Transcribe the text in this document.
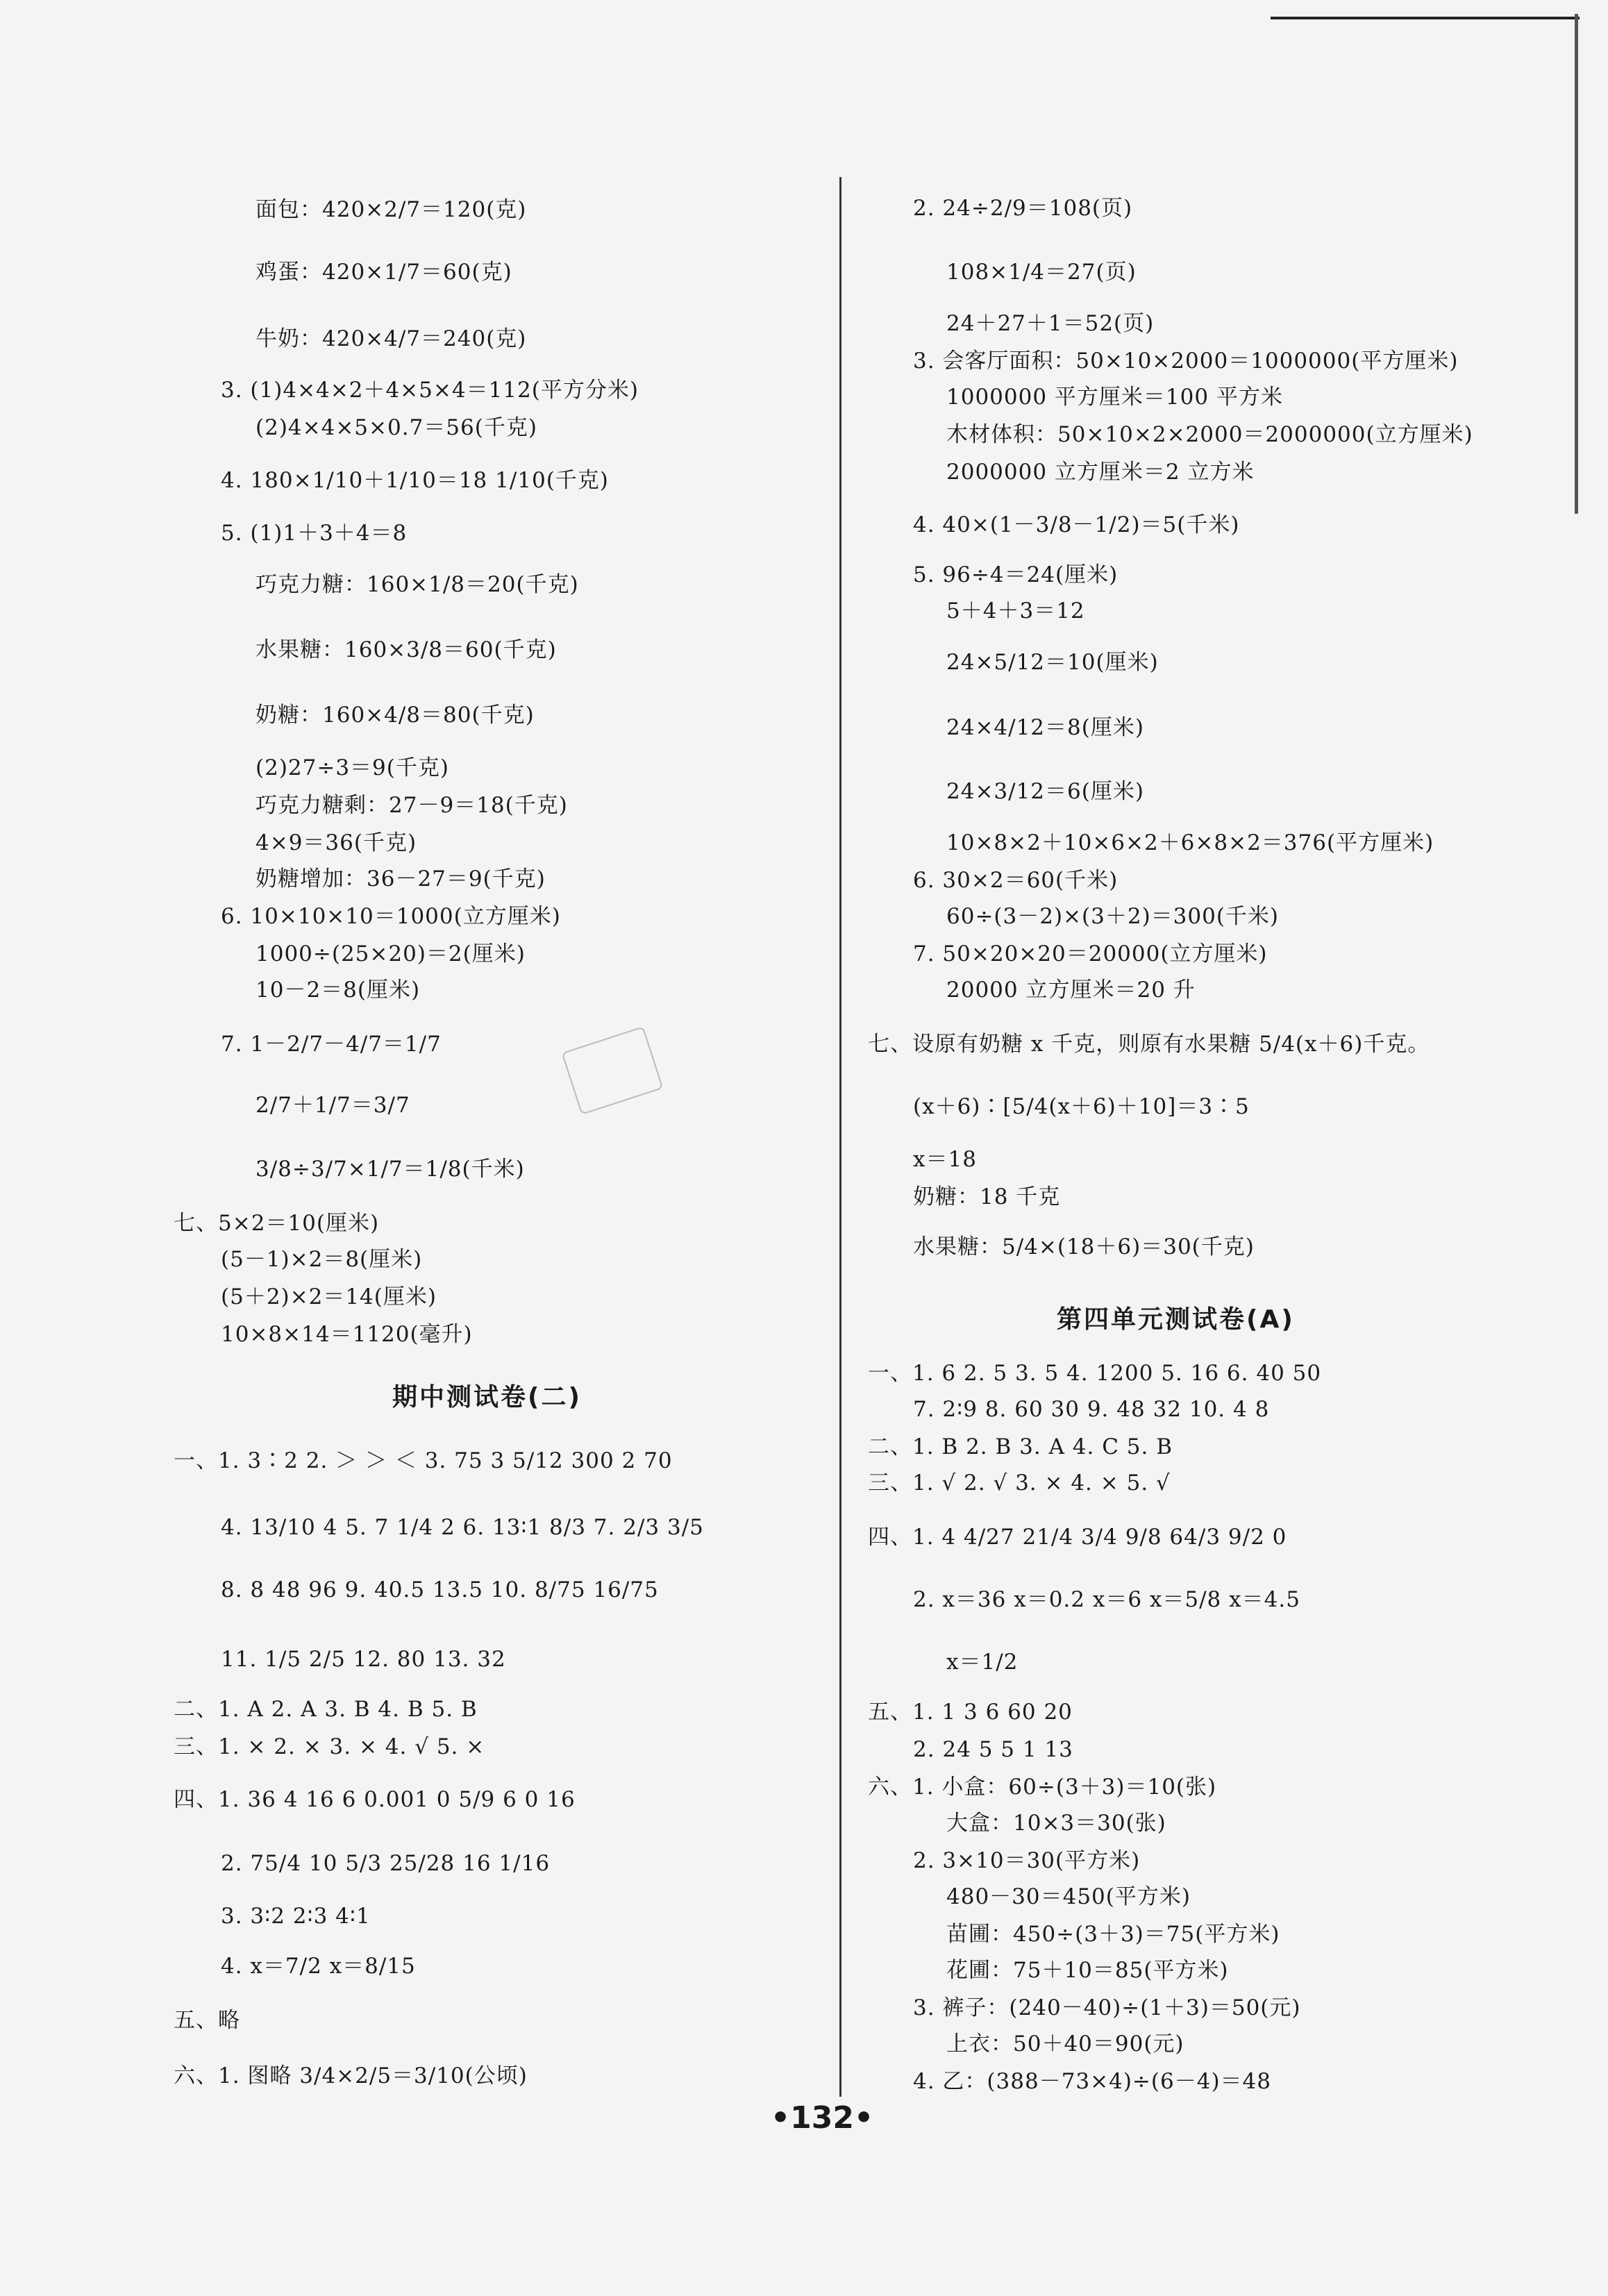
面包：420×2/7＝120(克)
鸡蛋：420×1/7＝60(克)
牛奶：420×4/7＝240(克)
3. (1)4×4×2＋4×5×4＝112(平方分米)
(2)4×4×5×0.7＝56(千克)
4. 180×1/10＋1/10＝18 1/10(千克)
5. (1)1＋3＋4＝8
巧克力糖：160×1/8＝20(千克)
水果糖：160×3/8＝60(千克)
奶糖：160×4/8＝80(千克)
(2)27÷3＝9(千克)
巧克力糖剩：27－9＝18(千克)
4×9＝36(千克)
奶糖增加：36－27＝9(千克)
6. 10×10×10＝1000(立方厘米)
1000÷(25×20)＝2(厘米)
10－2＝8(厘米)
7. 1－2/7－4/7＝1/7
2/7＋1/7＝3/7
3/8÷3/7×1/7＝1/8(千米)
七、5×2＝10(厘米)
(5－1)×2＝8(厘米)
(5＋2)×2＝14(厘米)
10×8×14＝1120(毫升)
期中测试卷(二)
一、1. 3∶2 2. ＞ ＞ ＜ 3. 75 3 5/12 300 2 70
4. 13/10 4 5. 7 1/4 2 6. 13∶1 8/3 7. 2/3 3/5
8. 8 48 96 9. 40.5 13.5 10. 8/75 16/75
11. 1/5 2/5 12. 80 13. 32
二、1. A 2. A 3. B 4. B 5. B
三、1. × 2. × 3. × 4. √ 5. ×
四、1. 36 4 16 6 0.001 0 5/9 6 0 16
2. 75/4 10 5/3 25/28 16 1/16
3. 3∶2 2∶3 4∶1
4. x＝7/2 x＝8/15
五、略
六、1. 图略 3/4×2/5＝3/10(公顷)
2. 24÷2/9＝108(页)
108×1/4＝27(页)
24＋27＋1＝52(页)
3. 会客厅面积：50×10×2000＝1000000(平方厘米)
1000000 平方厘米＝100 平方米
木材体积：50×10×2×2000＝2000000(立方厘米)
2000000 立方厘米＝2 立方米
4. 40×(1－3/8－1/2)＝5(千米)
5. 96÷4＝24(厘米)
5＋4＋3＝12
24×5/12＝10(厘米)
24×4/12＝8(厘米)
24×3/12＝6(厘米)
10×8×2＋10×6×2＋6×8×2＝376(平方厘米)
6. 30×2＝60(千米)
60÷(3－2)×(3＋2)＝300(千米)
7. 50×20×20＝20000(立方厘米)
20000 立方厘米＝20 升
七、设原有奶糖 x 千克，则原有水果糖 5/4(x＋6)千克。
(x＋6)∶[5/4(x＋6)＋10]＝3∶5
x＝18
奶糖：18 千克
水果糖：5/4×(18＋6)＝30(千克)
第四单元测试卷(A)
一、1. 6 2. 5 3. 5 4. 1200 5. 16 6. 40 50
7. 2∶9 8. 60 30 9. 48 32 10. 4 8
二、1. B 2. B 3. A 4. C 5. B
三、1. √ 2. √ 3. × 4. × 5. √
四、1. 4 4/27 21/4 3/4 9/8 64/3 9/2 0
2. x＝36 x＝0.2 x＝6 x＝5/8 x＝4.5
x＝1/2
五、1. 1 3 6 60 20
2. 24 5 5 1 13
六、1. 小盒：60÷(3＋3)＝10(张)
大盒：10×3＝30(张)
2. 3×10＝30(平方米)
480－30＝450(平方米)
苗圃：450÷(3＋3)＝75(平方米)
花圃：75＋10＝85(平方米)
3. 裤子：(240－40)÷(1＋3)＝50(元)
上衣：50＋40＝90(元)
4. 乙：(388－73×4)÷(6－4)＝48
•132•
